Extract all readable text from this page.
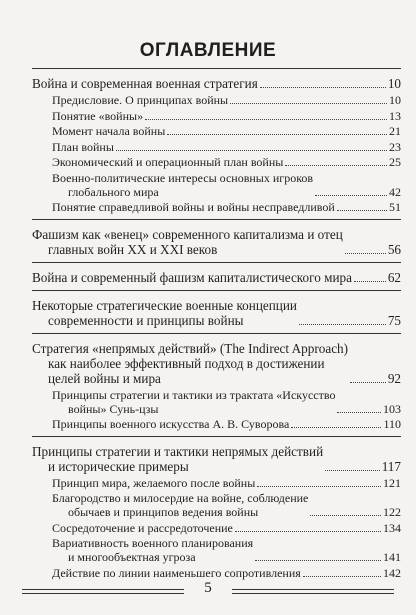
ОГЛАВЛЕНИЕ
Война и современная военная стратегия	10
Предисловие. О принципах войны	10
Понятие «войны»	13
Момент начала войны	21
План войны	23
Экономический и операционный план войны	25
Военно-политические интересы основных игроков
глобального мира	42
Понятие справедливой войны и войны несправедливой	51
Фашизм как «венец» современного капитализма и отец
главных войн XX и XXI веков	56
Война и современный фашизм капиталистического мира	62
Некоторые стратегические военные концепции
современности и принципы войны	75
Стратегия «непрямых действий» (The Indirect Approach)
как наиболее эффективный подход в достижении
целей войны и мира	92
Принципы стратегии и тактики из трактата «Искусство
войны» Сунь-цзы	103
Принципы военного искусства А. В. Суворова	110
Принципы стратегии и тактики непрямых действий
и исторические примеры	117
Принцип мира, желаемого после войны	121
Благородство и милосердие на войне, соблюдение
обычаев и принципов ведения войны	122
Сосредоточение и рассредоточение	134
Вариативность военного планирования
и многообъектная угроза	141
Действие по линии наименьшего сопротивления	142
5
